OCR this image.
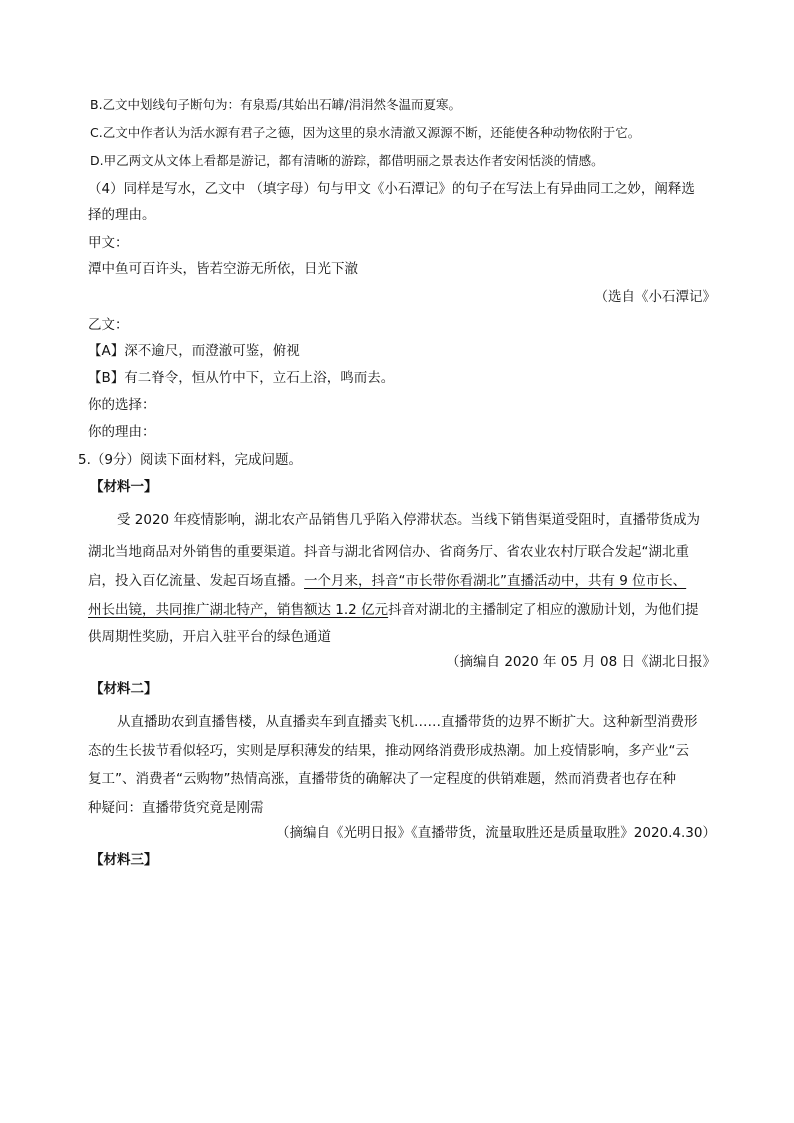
B.乙文中划线句子断句为：有泉焉/其始出石罅/涓涓然冬温而夏寒。
C.乙文中作者认为活水源有君子之德，因为这里的泉水清澈又源源不断，还能使各种动物依附于它。
D.甲乙两文从文体上看都是游记，都有清晰的游踪，都借明丽之景表达作者安闲恬淡的情感。
（4）同样是写水，乙文中 （填字母）句与甲文《小石潭记》的句子在写法上有异曲同工之妙，阐释选
择的理由。
甲文：
潭中鱼可百许头，皆若空游无所依，日光下澈
（选自《小石潭记》
乙文：
【A】深不逾尺，而澄澈可鉴，俯视
【B】有二脊令，恒从竹中下，立石上浴，鸣而去。
你的选择：
你的理由：
5.（9分）阅读下面材料，完成问题。
【材料一】
受 2020 年疫情影响，湖北农产品销售几乎陷入停滞状态。当线下销售渠道受阻时，直播带货成为
湖北当地商品对外销售的重要渠道。抖音与湖北省网信办、省商务厅、省农业农村厅联合发起“湖北重
启，投入百亿流量、发起百场直播。一个月来，抖音“市长带你看湖北”直播活动中，共有 9 位市长、
州长出镜，共同推广湖北特产，销售额达 1.2 亿元抖音对湖北的主播制定了相应的激励计划，为他们提
供周期性奖励，开启入驻平台的绿色通道
（摘编自 2020 年 05 月 08 日《湖北日报》
【材料二】
从直播助农到直播售楼，从直播卖车到直播卖飞机……直播带货的边界不断扩大。这种新型消费形
态的生长拔节看似轻巧，实则是厚积薄发的结果，推动网络消费形成热潮。加上疫情影响，多产业“云
复工”、消费者“云购物”热情高涨，直播带货的确解决了一定程度的供销难题，然而消费者也存在种
种疑问：直播带货究竟是刚需
（摘编自《光明日报》《直播带货，流量取胜还是质量取胜》2020.4.30）
【材料三】
